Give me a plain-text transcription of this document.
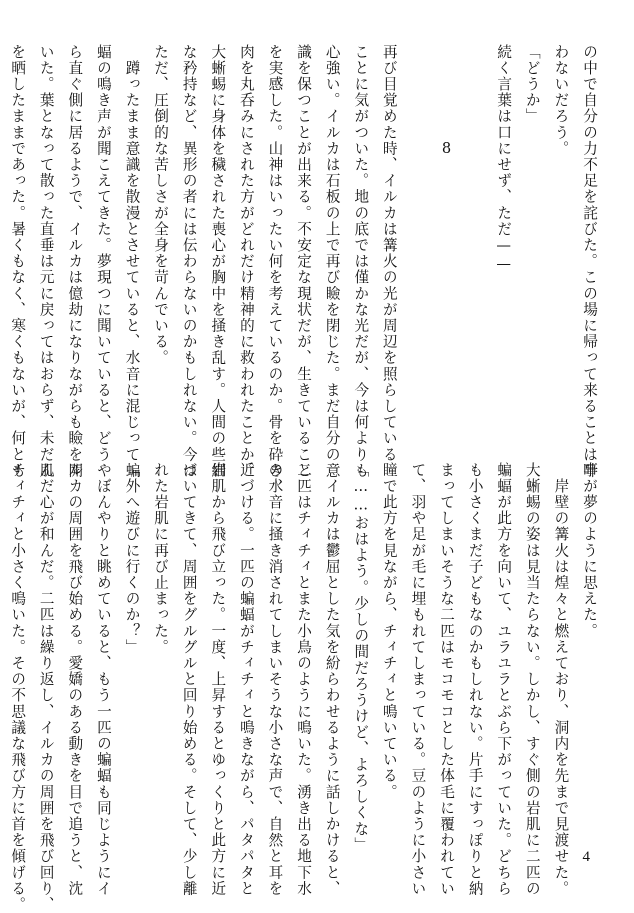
の中で自分の力不足を詫びた。この場に帰って来ることは叶
わないだろう。
「どうか」
続く言葉は口にせず、ただ——
8
再び目覚めた時、イルカは篝火の光が周辺を照らしている
ことに気がついた。地の底では僅かな光だが、今は何よりも
心強い。イルカは石板の上で再び瞼を閉じた。まだ自分の意
識を保つことが出来る。不安定な現状だが、生きていること
を実感した。山神はいったい何を考えているのか。骨を砕き、
肉を丸呑みにされた方がどれだけ精神的に救われたことか。
大蜥蜴に身体を穢された喪心が胸中を掻き乱す。人間の些細
な矜持など、異形の者には伝わらないのかもしれない。今は
ただ、圧倒的な苦しさが全身を苛んでいる。
　蹲ったまま意識を散漫とさせていると、水音に混じって蝙
蝠の鳴き声が聞こえてきた。夢現つに聞いていると、どうや
ら直ぐ側に居るようで、イルカは億劫になりながらも瞼を開
いた。葉となって散った直垂は元に戻ってはおらず、未だ肌
を晒したままであった。暑くもなく、寒くもないが、何とも
事が夢のように思えた。
　岸壁の篝火は煌々と燃えており、洞内を先まで見渡せた。
大蜥蜴の姿は見当たらない。しかし、すぐ側の岩肌に二匹の
蝙蝠が此方を向いて、ユラユラとぶら下がっていた。どちら
も小さくまだ子どもなのかもしれない。片手にすっぽりと納
まってしまいそうな二匹はモコモコとした体毛に覆われてい
て、羽や足が毛に埋もれてしまっている。豆のように小さい
瞳で此方を見ながら、チィチィと鳴いている。
「……おはよう。少しの間だろうけど、よろしくな」
　イルカは鬱屈とした気を紛らわせるように話しかけると、
二匹はチィチィとまた小鳥のように鳴いた。湧き出る地下水
の水音に掻き消されてしまいそうな小さな声で、自然と耳を
近づける。一匹の蝙蝠がチィチィと鳴きながら、パタパタと
岩肌から飛び立った。一度、上昇するとゆっくりと此方に近
づいてきて、周囲をグルグルと回り始める。そして、少し離
れた岩肌に再び止まった。
「外へ遊びに行くのか？」
　ぼんやりと眺めていると、もう一匹の蝙蝠も同じようにイ
ルカの周囲を飛び始める。愛嬌のある動きを目で追うと、沈
んだ心が和んだ。二匹は繰り返し、イルカの周囲を飛び回り、
チィチィと小さく鳴いた。その不思議な飛び方に首を傾げる。	4
